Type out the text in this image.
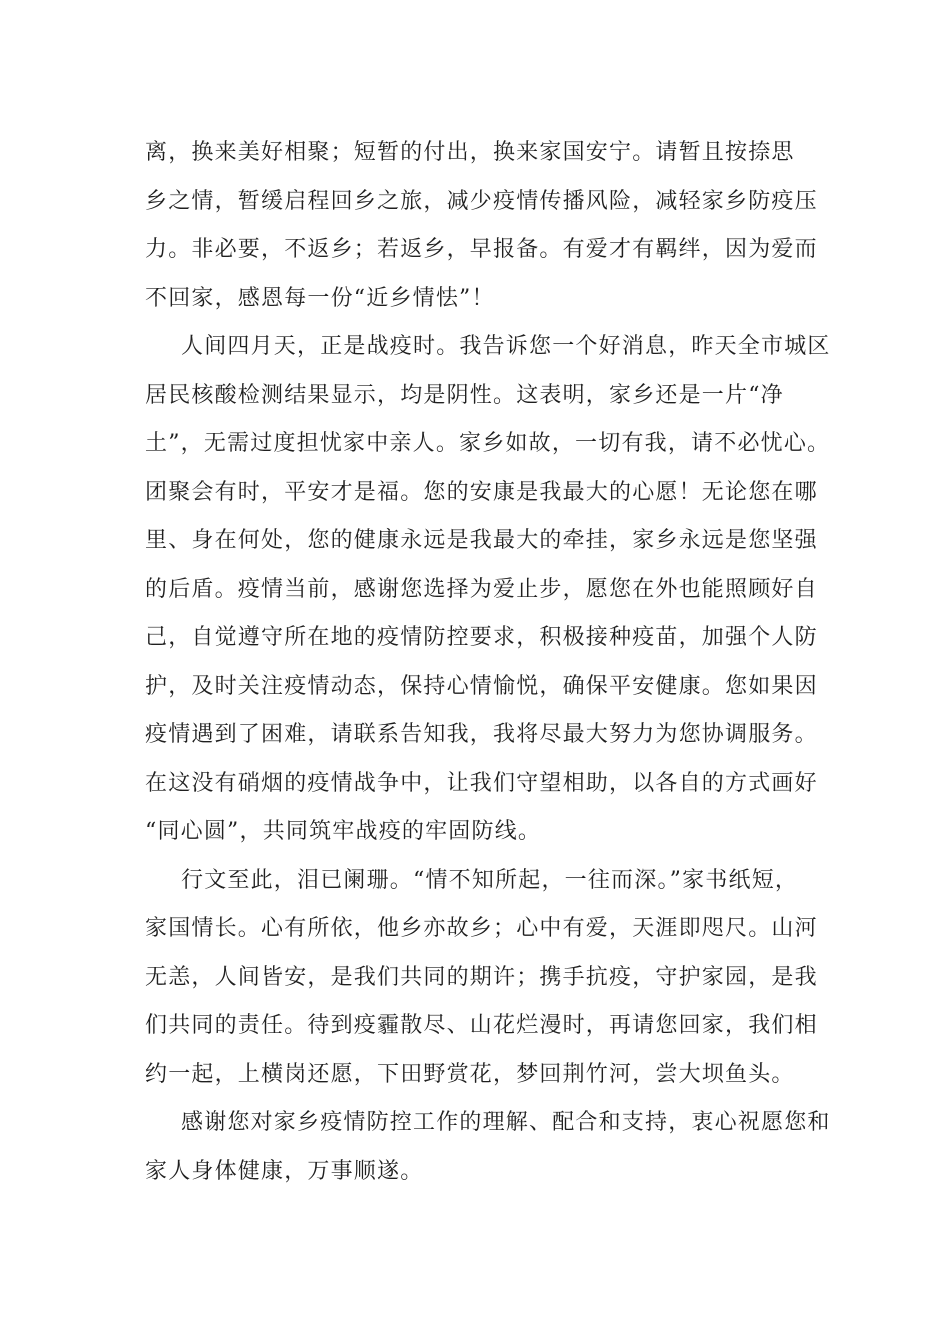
离，换来美好相聚；短暂的付出，换来家国安宁。请暂且按捺思
乡之情，暂缓启程回乡之旅，减少疫情传播风险，减轻家乡防疫压
力。非必要，不返乡；若返乡，早报备。有爱才有羁绊，因为爱而
不回家，感恩每一份“近乡情怯”！
人间四月天，正是战疫时。我告诉您一个好消息，昨天全市城区
居民核酸检测结果显示，均是阴性。这表明，家乡还是一片“净
土”，无需过度担忧家中亲人。家乡如故，一切有我，请不必忧心。
团聚会有时，平安才是福。您的安康是我最大的心愿！无论您在哪
里、身在何处，您的健康永远是我最大的牵挂，家乡永远是您坚强
的后盾。疫情当前，感谢您选择为爱止步，愿您在外也能照顾好自
己，自觉遵守所在地的疫情防控要求，积极接种疫苗，加强个人防
护，及时关注疫情动态，保持心情愉悦，确保平安健康。您如果因
疫情遇到了困难，请联系告知我，我将尽最大努力为您协调服务。
在这没有硝烟的疫情战争中，让我们守望相助，以各自的方式画好
“同心圆”，共同筑牢战疫的牢固防线。
行文至此，泪已阑珊。“情不知所起，一往而深。”家书纸短，
家国情长。心有所依，他乡亦故乡；心中有爱，天涯即咫尺。山河
无恙，人间皆安，是我们共同的期许；携手抗疫，守护家园，是我
们共同的责任。待到疫霾散尽、山花烂漫时，再请您回家，我们相
约一起，上横岗还愿，下田野赏花，梦回荆竹河，尝大坝鱼头。
感谢您对家乡疫情防控工作的理解、配合和支持，衷心祝愿您和
家人身体健康，万事顺遂。
